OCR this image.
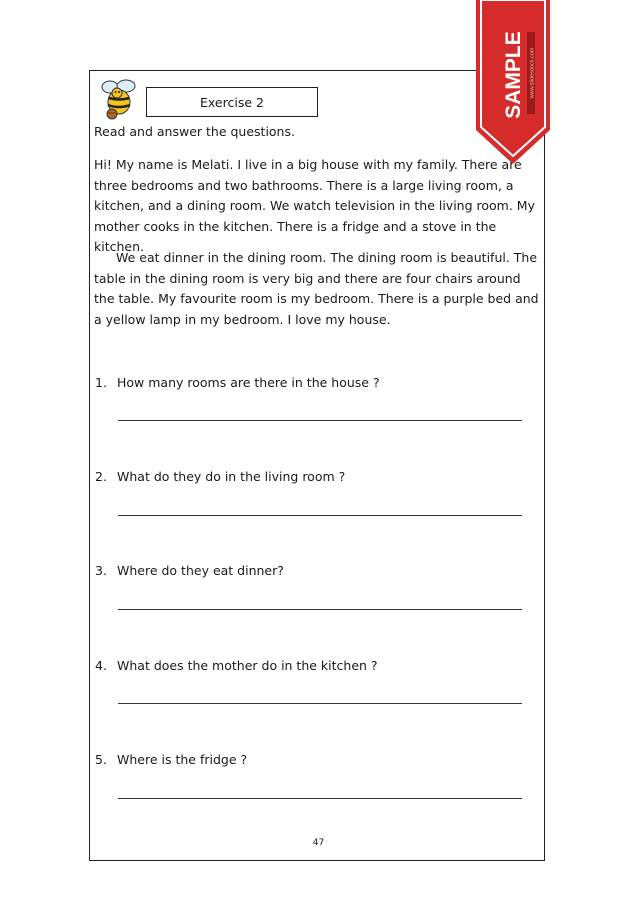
Exercise 2
Read and answer the questions.

Hi! My name is Melati. I live in a big house with my family. There are three bedrooms and two bathrooms. There is a large living room, a kitchen, and a dining room. We watch television in the living room. My mother cooks in the kitchen. There is a fridge and a stove in the kitchen.

We eat dinner in the dining room. The dining room is beautiful. The table in the dining room is very big and there are four chairs around the table. My favourite room is my bedroom. There is a purple bed and a yellow lamp in my bedroom. I love my house.

1. How many rooms are there in the house ?
2. What do they do in the living room ?
3. Where do they eat dinner?
4. What does the mother do in the kitchen ?
5. Where is the fridge ?
47
SAMPLE www.slidesdocs.com
